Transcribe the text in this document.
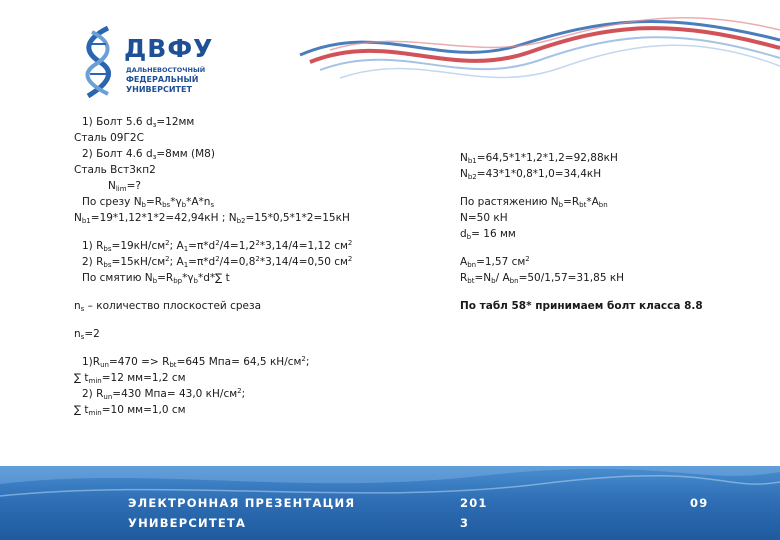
ДВФУ
ДАЛЬНЕВОСТОЧНЫЙ
ФЕДЕРАЛЬНЫЙ
УНИВЕРСИТЕТ
1) Болт 5.6 $d_з=12мм$
Сталь 09Г2С
2) Болт 4.6 $d_з=8мм$ (М8)
Сталь Вст3кп2
$N_{lim}=$?
По срезу $N_b=R_{bs}*\gamma_b*A*n_s$
$N_{b1}=19*1,12*1*2=42,94кН$ ; $N_{b2}=15*0,5*1*2=15кН$
1) $R_{bs}=19кН/см^2$; $A_1=\pi*d^2/4=1,2^2*3,14/4=1,12$ $см^2$
2) $R_{bs}=15кН/см^2$; $A_1=\pi*d^2/4=0,8^2*3,14/4=0,50$ $см^2$
По смятию $N_b=R_{bp}*\gamma_b*d*\sum$ t
$n_s$ – количество плоскостей среза
$n_s=2$
$1)R_{un}=470 => R_{bt}=645$ Мпа= 64,5 $кН/см^2$;
∑ $t_{min}=12$ мм=1,2 см
2) $R_{un}=430$ Мпа= 43,0 $кН/см^2$;
∑ $t_{min}=10$ мм=1,0 см
$N_{b1}=64,5*1*1,2*1,2=92,88кН$
$N_{b2}=43*1*0,8*1,0=34,4кН$
По растяжению $N_b=R_{bt}*A_{bn}$
N=50 кН
$d_b= 16$ мм
$A_{bn}=1,57$ $см^2$
$R_{bt}=N_b/$ $A_{bn}=50/1,57=31,85$ кН
По табл 58* принимаем болт класса 8.8
ЭЛЕКТРОННАЯ ПРЕЗЕНТАЦИЯ
УНИВЕРСИТЕТА
201
3
09
